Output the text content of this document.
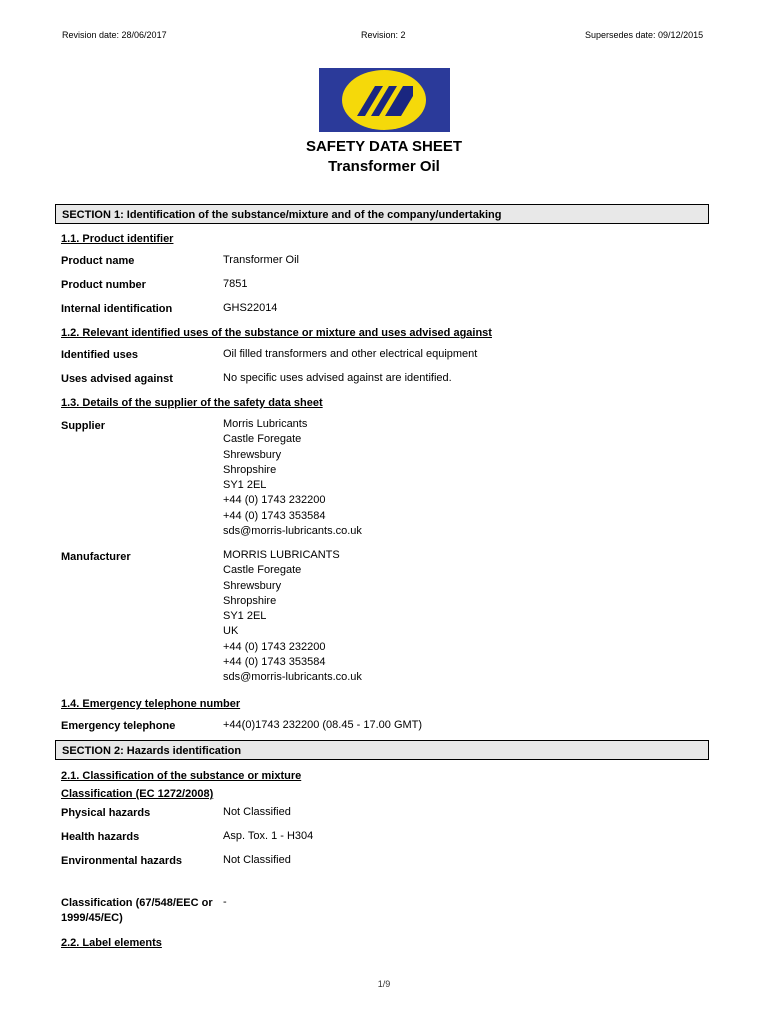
Revision date: 28/06/2017	Revision: 2	Supersedes date: 09/12/2015
SAFETY DATA SHEET
Transformer Oil
SECTION 1: Identification of the substance/mixture and of the company/undertaking
1.1. Product identifier
Product name	Transformer Oil
Product number	7851
Internal identification	GHS22014
1.2. Relevant identified uses of the substance or mixture and uses advised against
Identified uses	Oil filled transformers and other electrical equipment
Uses advised against	No specific uses advised against are identified.
1.3. Details of the supplier of the safety data sheet
Supplier	Morris Lubricants
Castle Foregate
Shrewsbury
Shropshire
SY1 2EL
+44 (0) 1743 232200
+44 (0) 1743 353584
sds@morris-lubricants.co.uk
Manufacturer	MORRIS LUBRICANTS
Castle Foregate
Shrewsbury
Shropshire
SY1 2EL
UK
+44 (0) 1743 232200
+44 (0) 1743 353584
sds@morris-lubricants.co.uk
1.4. Emergency telephone number
Emergency telephone	+44(0)1743 232200 (08.45 - 17.00 GMT)
SECTION 2: Hazards identification
2.1. Classification of the substance or mixture
Classification (EC 1272/2008)
Physical hazards	Not Classified
Health hazards	Asp. Tox. 1 - H304
Environmental hazards	Not Classified
Classification (67/548/EEC or
1999/45/EC)
-
2.2. Label elements
1/9
